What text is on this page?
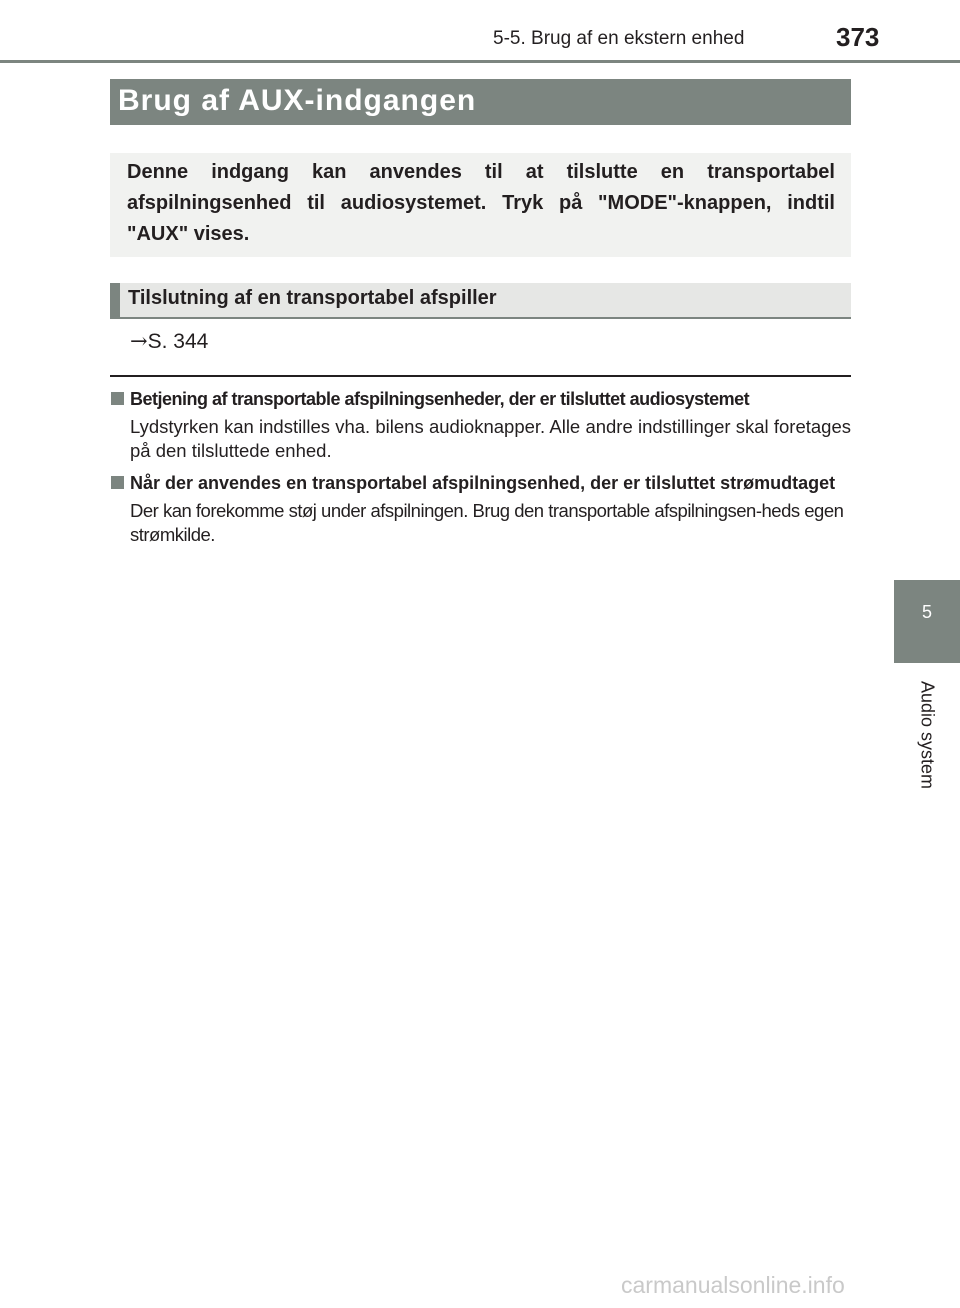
5-5. Brug af en ekstern enhed	373
Brug af AUX-indgangen

Denne indgang kan anvendes til at tilslutte en transportabel afspilningsenhed til audiosystemet. Tryk på "MODE"-knappen, indtil "AUX" vises.

Tilslutning af en transportabel afspiller
→S. 344

Betjening af transportable afspilningsenheder, der er tilsluttet audiosystemet

Lydstyrken kan indstilles vha. bilens audioknapper. Alle andre indstillinger skal foretages på den tilsluttede enhed.

Når der anvendes en transportabel afspilningsenhed, der er tilsluttet strømudtaget

Der kan forekomme støj under afspilningen. Brug den transportable afspilningsen-heds egen strømkilde.

5
Audio system
carmanualsonline.info
